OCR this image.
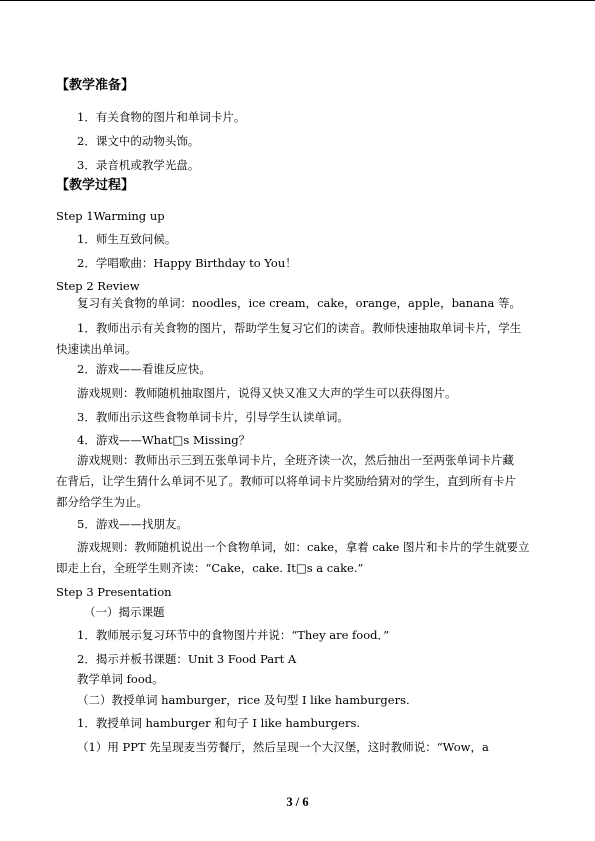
【教学准备】
1．有关食物的图片和单词卡片。
2．课文中的动物头饰。
3．录音机或教学光盘。
【教学过程】
Step 1Warming up
1．师生互致问候。
2．学唱歌曲：Happy Birthday to You！
Step 2 Review
复习有关食物的单词：noodles，ice cream，cake，orange，apple，banana 等。
1．教师出示有关食物的图片，帮助学生复习它们的读音。教师快速抽取单词卡片，学生
快速读出单词。
2．游戏——看谁反应快。
游戏规则：教师随机抽取图片，说得又快又准又大声的学生可以获得图片。
3．教师出示这些食物单词卡片，引导学生认读单词。
4．游戏——What□s Missing？
游戏规则：教师出示三到五张单词卡片，全班齐读一次，然后抽出一至两张单词卡片藏
在背后，让学生猜什么单词不见了。教师可以将单词卡片奖励给猜对的学生，直到所有卡片
都分给学生为止。
5．游戏——找朋友。
游戏规则：教师随机说出一个食物单词，如：cake，拿着 cake 图片和卡片的学生就要立
即走上台，全班学生则齐读：“Cake，cake. It□s a cake.”
Step 3 Presentation
（一）揭示课题
1．教师展示复习环节中的食物图片并说：“They are food．”
2．揭示并板书课题：Unit 3 Food Part A
教学单词 food。
（二）教授单词 hamburger，rice 及句型 I like hamburgers.
1．教授单词 hamburger 和句子 I like hamburgers.
（1）用 PPT 先呈现麦当劳餐厅，然后呈现一个大汉堡，这时教师说：“Wow，a
3 / 6
